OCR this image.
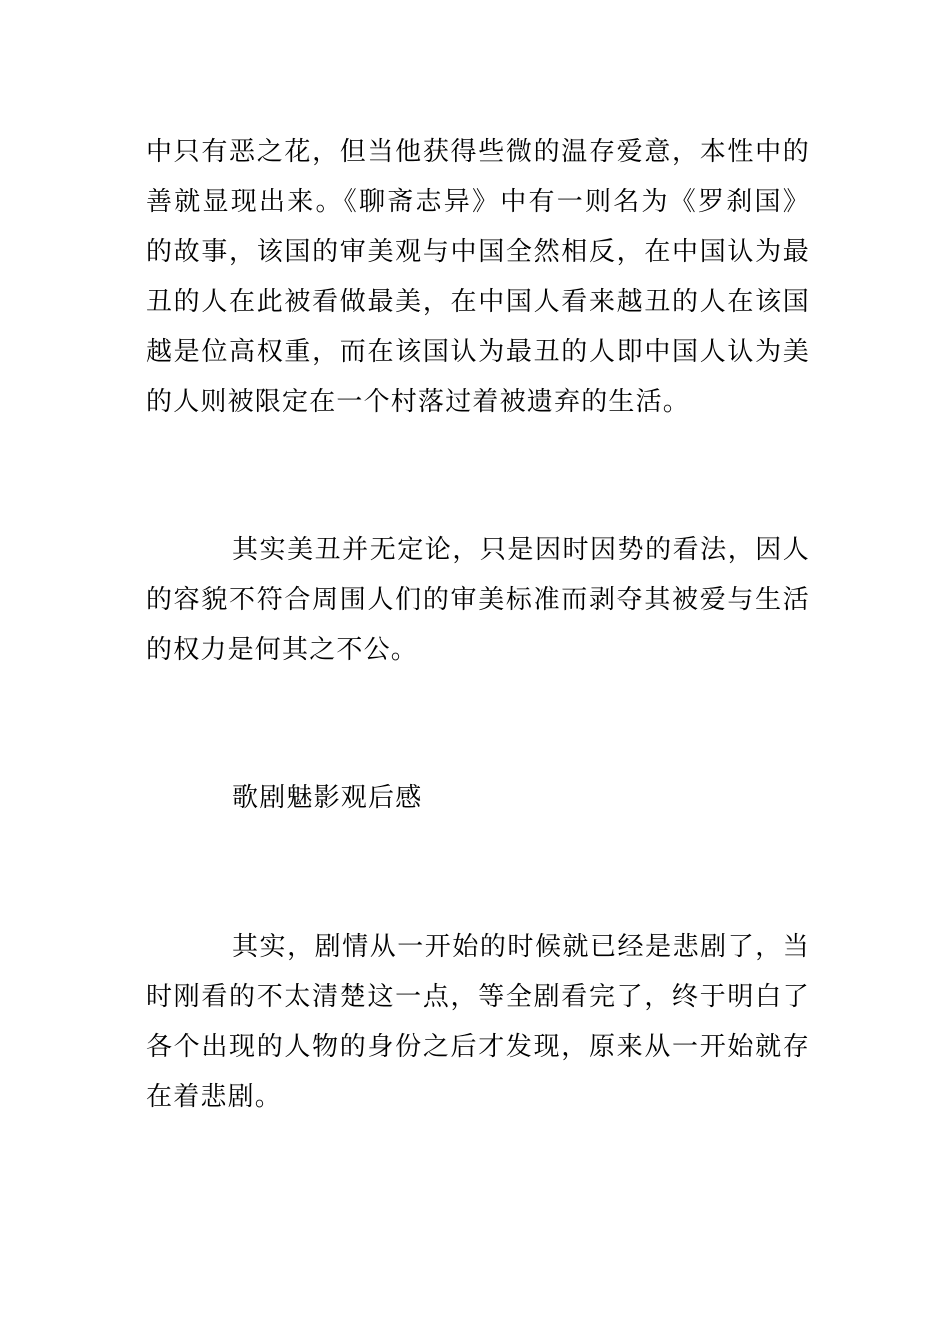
中只有恶之花，但当他获得些微的温存爱意，本性中的善就显现出来。《聊斋志异》中有一则名为《罗刹国》的故事，该国的审美观与中国全然相反，在中国认为最丑的人在此被看做最美，在中国人看来越丑的人在该国越是位高权重，而在该国认为最丑的人即中国人认为美的人则被限定在一个村落过着被遗弃的生活。

其实美丑并无定论，只是因时因势的看法，因人的容貌不符合周围人们的审美标准而剥夺其被爱与生活的权力是何其之不公。

歌剧魅影观后感

其实，剧情从一开始的时候就已经是悲剧了，当时刚看的不太清楚这一点，等全剧看完了，终于明白了各个出现的人物的身份之后才发现，原来从一开始就存在着悲剧。
